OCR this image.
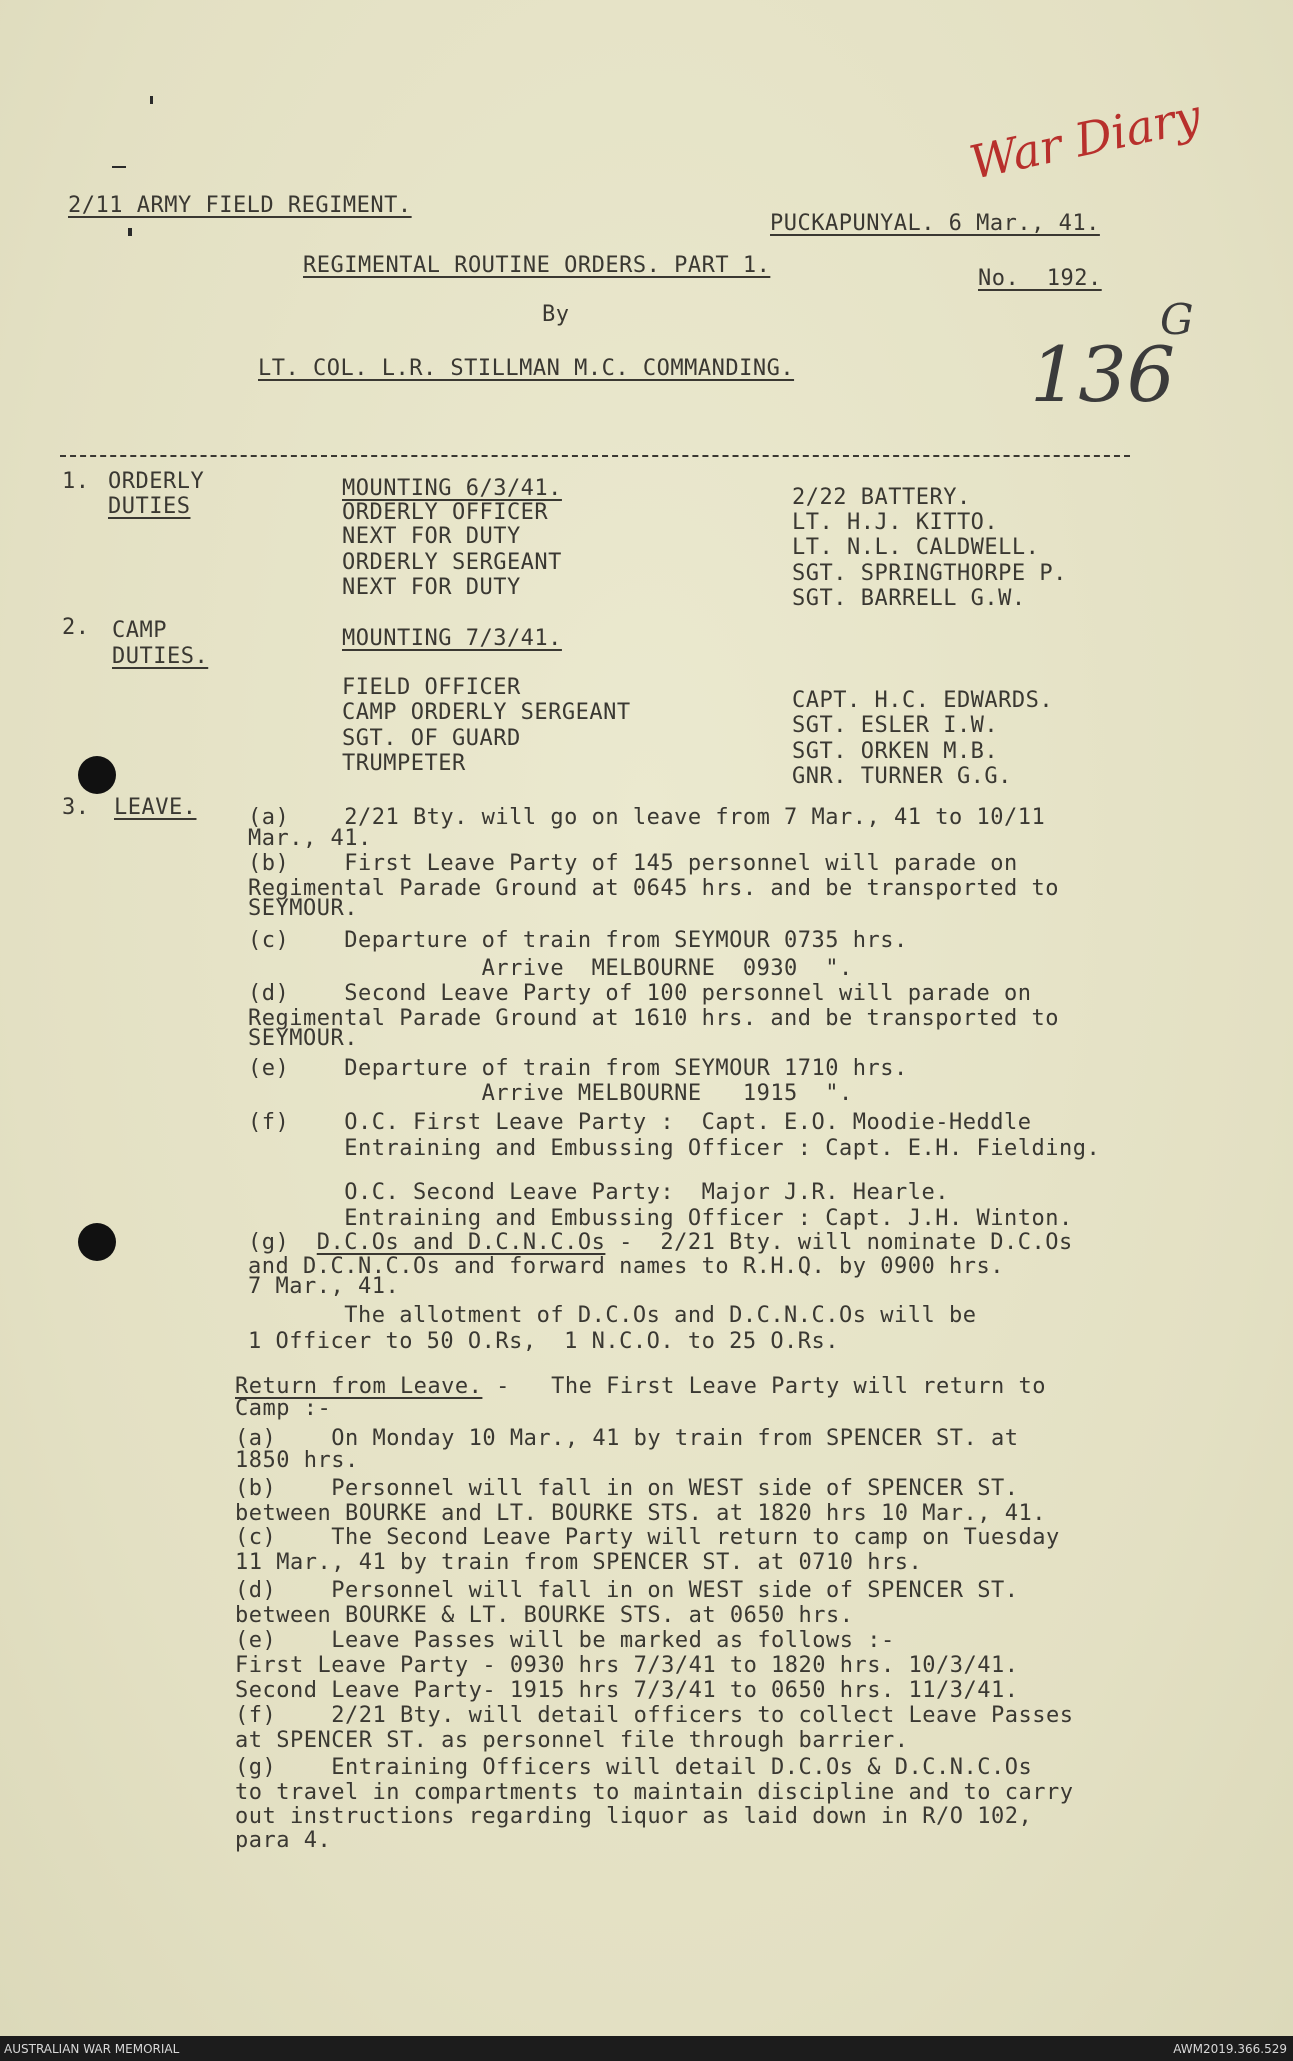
War Diary
136
G
2/11 ARMY FIELD REGIMENT.
PUCKAPUNYAL. 6 Mar., 41.
REGIMENTAL ROUTINE ORDERS. PART 1.
No.  192.
By
LT. COL. L.R. STILLMAN M.C. COMMANDING.
1. ORDERLY
DUTIES
MOUNTING 6/3/41.
ORDERLY OFFICER
NEXT FOR DUTY
ORDERLY SERGEANT
NEXT FOR DUTY
2/22 BATTERY.
LT. H.J. KITTO.
LT. N.L. CALDWELL.
SGT. SPRINGTHORPE P.
SGT. BARRELL G.W.
2. CAMP
DUTIES.
MOUNTING 7/3/41.
FIELD OFFICER
CAMP ORDERLY SERGEANT
SGT. OF GUARD
TRUMPETER
CAPT. H.C. EDWARDS.
SGT. ESLER I.W.
SGT. ORKEN M.B.
GNR. TURNER G.G.
3. LEAVE. (a)    2/21 Bty. will go on leave from 7 Mar., 41 to 10/11
Mar., 41.
(b)    First Leave Party of 145 personnel will parade on
Regimental Parade Ground at 0645 hrs. and be transported to
SEYMOUR.
(c)    Departure of train from SEYMOUR 0735 hrs.
Arrive  MELBOURNE  0930  ".
(d)    Second Leave Party of 100 personnel will parade on
Regimental Parade Ground at 1610 hrs. and be transported to
SEYMOUR.
(e)    Departure of train from SEYMOUR 1710 hrs.
Arrive MELBOURNE   1915  ".
(f)    O.C. First Leave Party :  Capt. E.O. Moodie-Heddle
Entraining and Embussing Officer : Capt. E.H. Fielding.
O.C. Second Leave Party:  Major J.R. Hearle.
Entraining and Embussing Officer : Capt. J.H. Winton.
(g) D.C.Os and D.C.N.C.Os -  2/21 Bty. will nominate D.C.Os
and D.C.N.C.Os and forward names to R.H.Q. by 0900 hrs.
7 Mar., 41.
The allotment of D.C.Os and D.C.N.C.Os will be
1 Officer to 50 O.Rs,  1 N.C.O. to 25 O.Rs.
Return from Leave. -   The First Leave Party will return to
Camp :-
(a)    On Monday 10 Mar., 41 by train from SPENCER ST. at
1850 hrs.
(b)    Personnel will fall in on WEST side of SPENCER ST.
between BOURKE and LT. BOURKE STS. at 1820 hrs 10 Mar., 41.
(c)    The Second Leave Party will return to camp on Tuesday
11 Mar., 41 by train from SPENCER ST. at 0710 hrs.
(d)    Personnel will fall in on WEST side of SPENCER ST.
between BOURKE & LT. BOURKE STS. at 0650 hrs.
(e)    Leave Passes will be marked as follows :-
First Leave Party - 0930 hrs 7/3/41 to 1820 hrs. 10/3/41.
Second Leave Party- 1915 hrs 7/3/41 to 0650 hrs. 11/3/41.
(f)    2/21 Bty. will detail officers to collect Leave Passes
at SPENCER ST. as personnel file through barrier.
(g)    Entraining Officers will detail D.C.Os & D.C.N.C.Os
to travel in compartments to maintain discipline and to carry
out instructions regarding liquor as laid down in R/O 102,
para 4.
AUSTRALIAN WAR MEMORIAL	AWM2019.366.529
